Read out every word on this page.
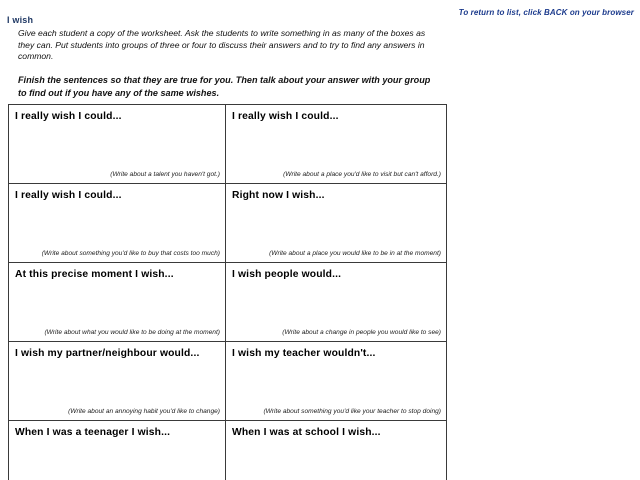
To return to list, click BACK on your browser
I wish

Give each student a copy of the worksheet. Ask the students to write something in as many of the boxes as they can. Put students into groups of three or four to discuss their answers and to try to find any answers in common.

Finish the sentences so that they are true for you. Then talk about your answer with your group to find out if you have any of the same wishes.

I really wish I could...
(Write about a talent you haven't got.)

I really wish I could...
(Write about a place you'd like to visit but can't afford.)

I really wish I could...
(Write about something you'd like to buy that costs too much)

Right now I wish...
(Write about a place you would like to be in at the moment)

At this precise moment I wish...
(Write about what you would like to be doing at the moment)

I wish people would...
(Write about a change in people you would like to see)

I wish my partner/neighbour would...
(Write about an annoying habit you'd like to change)

I wish my teacher wouldn't...
(Write about something you'd like your teacher to stop doing)

When I was a teenager I wish...	When I was at school I wish...
